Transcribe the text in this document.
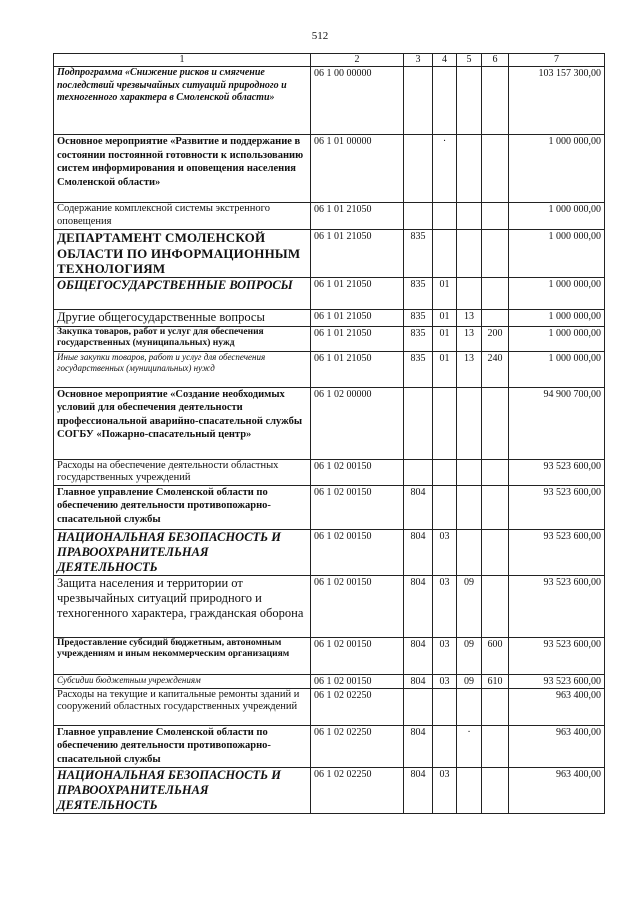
512
1	2	3	4	5	6	7
Подпрограмма «Снижение рисков и смягчение последствий чрезвычайных ситуаций природного и техногенного характера в Смоленской области»	06 1 00 00000					103 157 300,00
Основное мероприятие «Развитие и поддержание в состоянии постоянной готовности к использованию систем информирования и оповещения населения Смоленской области»	06 1 01 00000		·			1 000 000,00
Содержание комплексной системы экстренного оповещения	06 1 01 21050					1 000 000,00
ДЕПАРТАМЕНТ СМОЛЕНСКОЙ ОБЛАСТИ ПО ИНФОРМАЦИОННЫМ ТЕХНОЛОГИЯМ	06 1 01 21050	835				1 000 000,00
ОБЩЕГОСУДАРСТВЕННЫЕ ВОПРОСЫ	06 1 01 21050	835	01			1 000 000,00
Другие общегосударственные вопросы	06 1 01 21050	835	01	13		1 000 000,00
Закупка товаров, работ и услуг для обеспечения государственных (муниципальных) нужд	06 1 01 21050	835	01	13	200	1 000 000,00
Иные закупки товаров, работ и услуг для обеспечения государственных (муниципальных) нужд	06 1 01 21050	835	01	13	240	1 000 000,00
Основное мероприятие «Создание необходимых условий для обеспечения деятельности профессиональной аварийно-спасательной службы СОГБУ «Пожарно-спасательный центр»	06 1 02 00000					94 900 700,00
Расходы на обеспечение деятельности областных государственных учреждений	06 1 02 00150					93 523 600,00
Главное управление Смоленской области по обеспечению деятельности противопожарно-спасательной службы	06 1 02 00150	804				93 523 600,00
НАЦИОНАЛЬНАЯ БЕЗОПАСНОСТЬ И ПРАВООХРАНИТЕЛЬНАЯ ДЕЯТЕЛЬНОСТЬ	06 1 02 00150	804	03			93 523 600,00
Защита населения и территории от чрезвычайных ситуаций природного и техногенного характера, гражданская оборона	06 1 02 00150	804	03	09		93 523 600,00
Предоставление субсидий бюджетным, автономным учреждениям и иным некоммерческим организациям	06 1 02 00150	804	03	09	600	93 523 600,00
Субсидии бюджетным учреждениям	06 1 02 00150	804	03	09	610	93 523 600,00
Расходы на текущие и капитальные ремонты зданий и сооружений областных государственных учреждений	06 1 02 02250					963 400,00
Главное управление Смоленской области по обеспечению деятельности противопожарно-спасательной службы	06 1 02 02250	804		·		963 400,00
НАЦИОНАЛЬНАЯ БЕЗОПАСНОСТЬ И ПРАВООХРАНИТЕЛЬНАЯ ДЕЯТЕЛЬНОСТЬ	06 1 02 02250	804	03			963 400,00
